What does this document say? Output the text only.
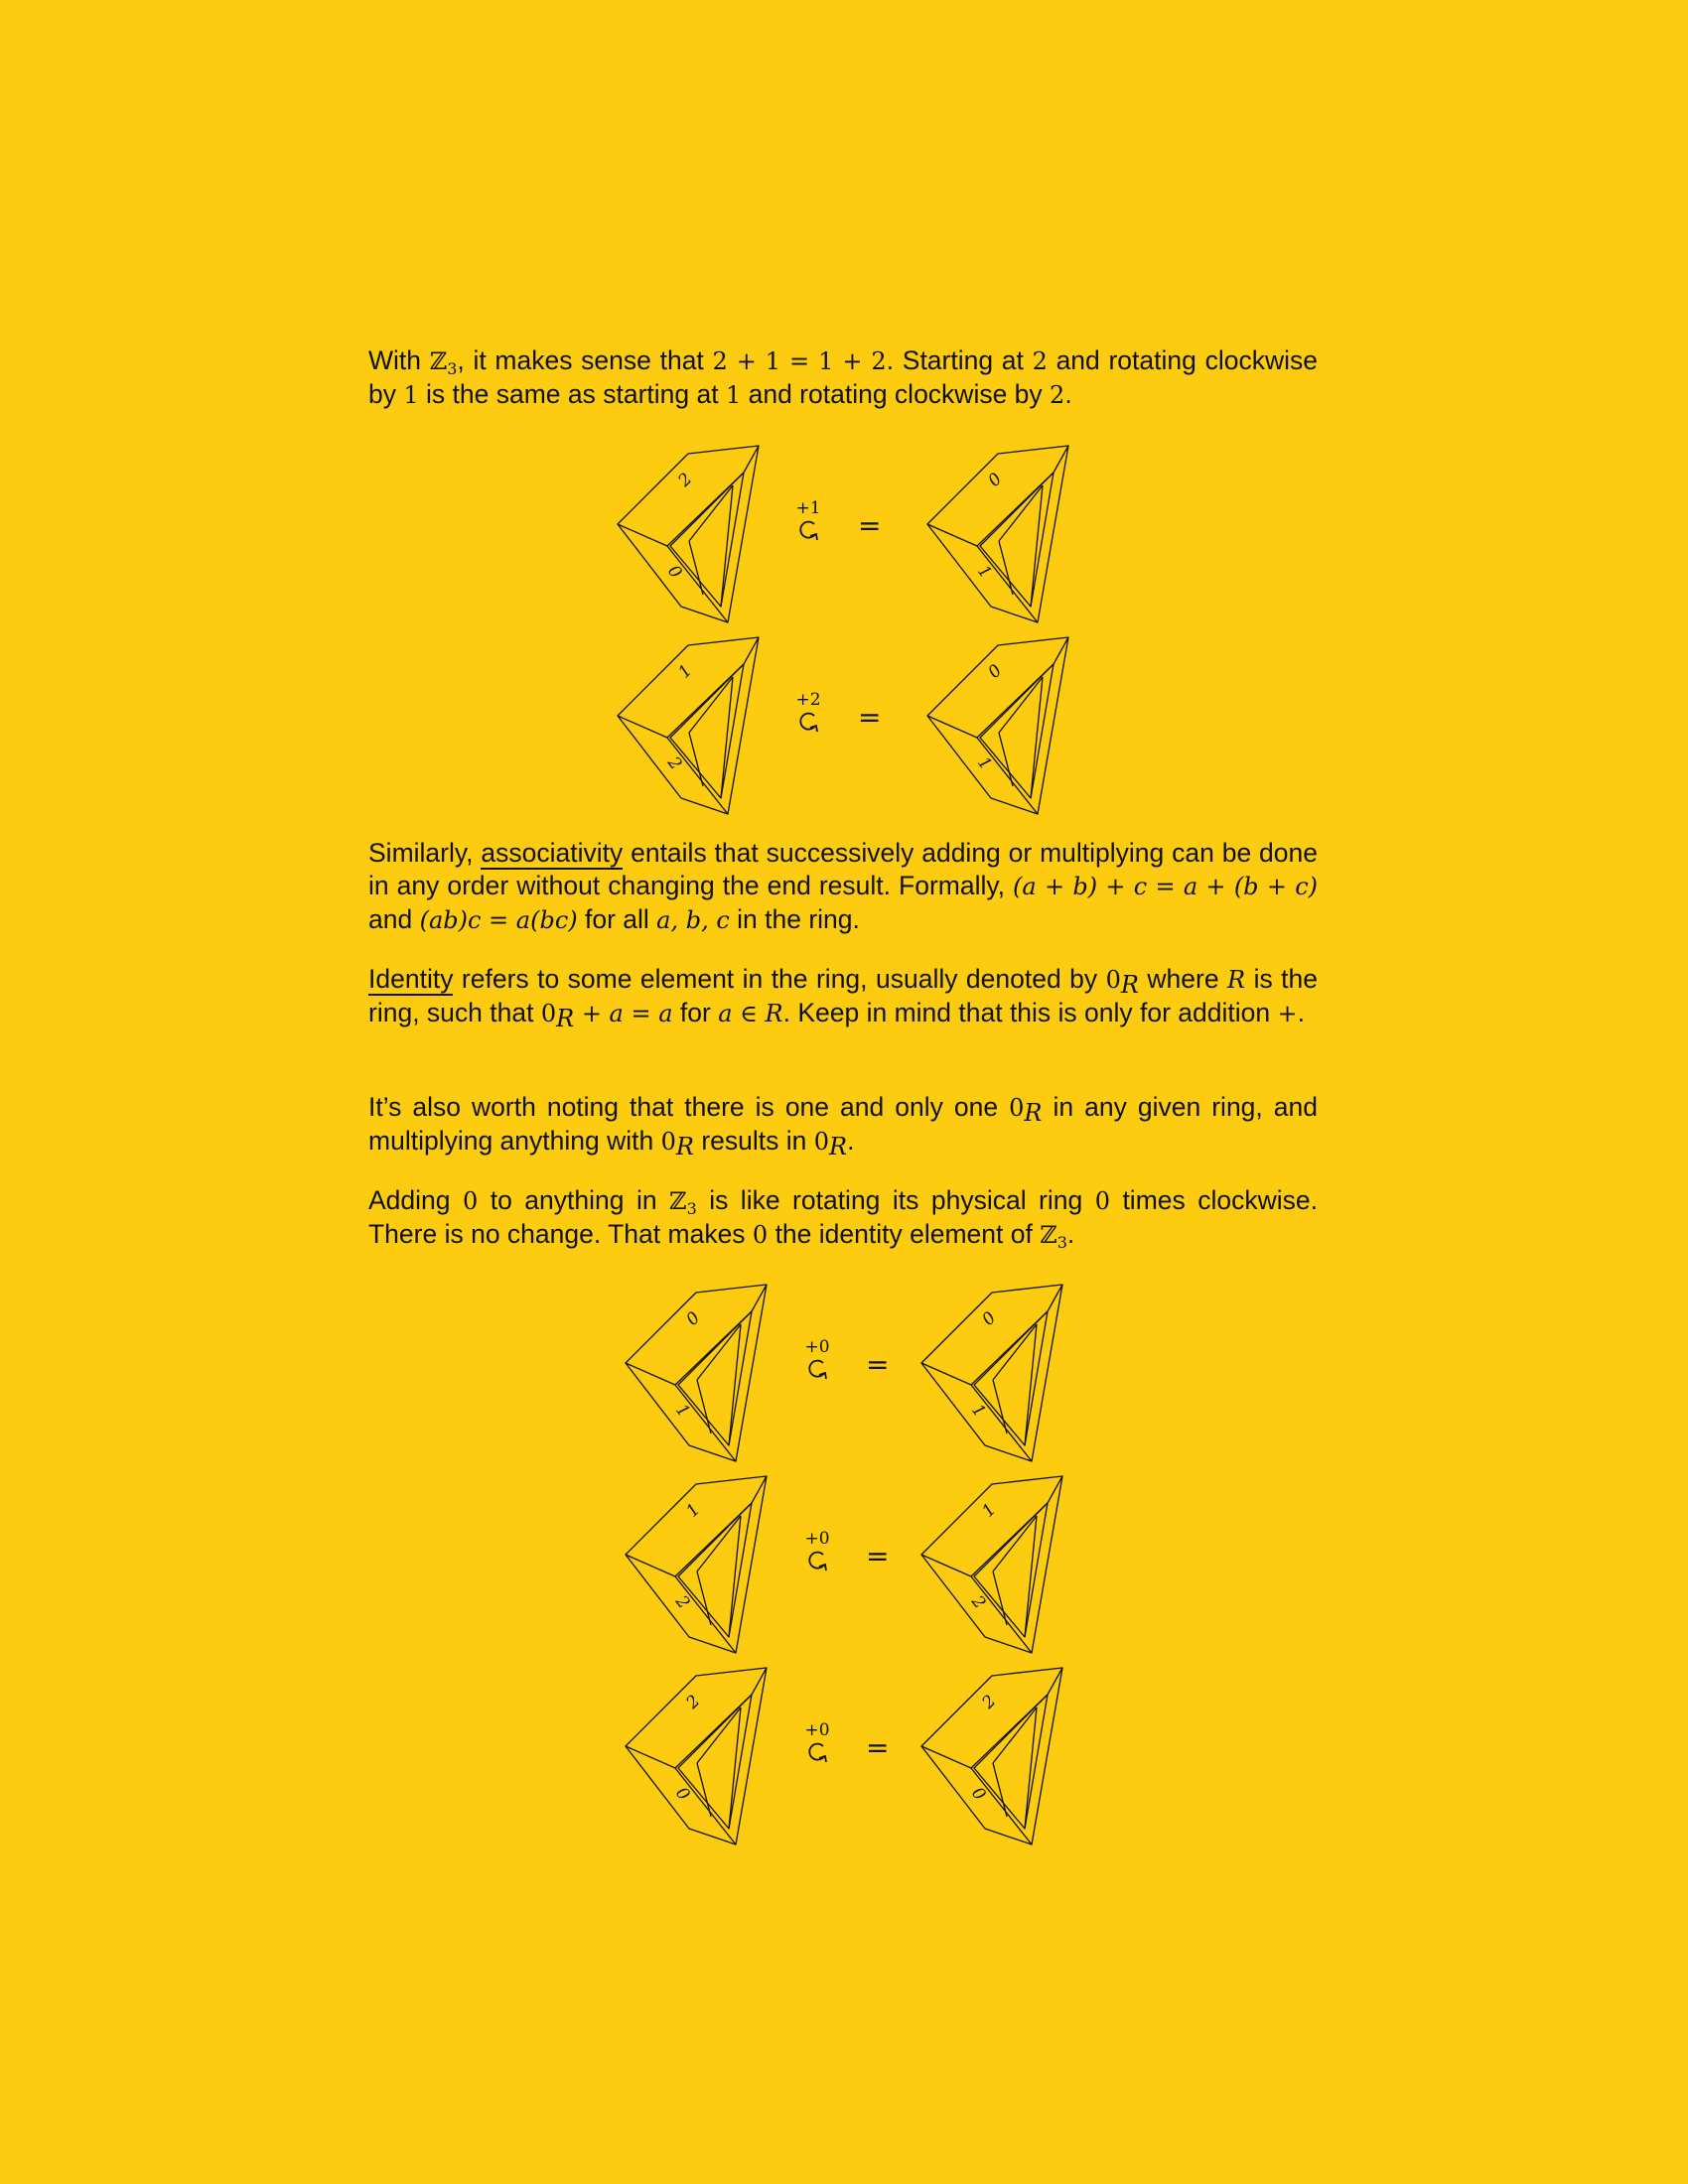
With ℤ$_3$, it makes sense that 2 + 1 = 1 + 2. Starting at 2 and rotating clockwise by 1 is the same as starting at 1 and rotating clockwise by 2.

2
0
0
1
+1
=
1
2
0
1
+2
=

Similarly, associativity entails that successively adding or multiplying can be done in any order without changing the end result. Formally, (a + b) + c = a + (b + c) and (ab)c = a(bc) for all a, b, c in the ring.

Identity refers to some element in the ring, usually denoted by $0_R$ where R is the ring, such that $0_R + a = a$ for a ∈ R. Keep in mind that this is only for addition +.

It’s also worth noting that there is one and only one $0_R$ in any given ring, and multiplying anything with $0_R$ results in $0_R$.

Adding 0 to anything in ℤ$_3$ is like rotating its physical ring 0 times clockwise. There is no change. That makes 0 the identity element of ℤ$_3$.

0
1
0
1
+0
=
1
2
1
2
+0
=
2
0
2
0
+0
=
